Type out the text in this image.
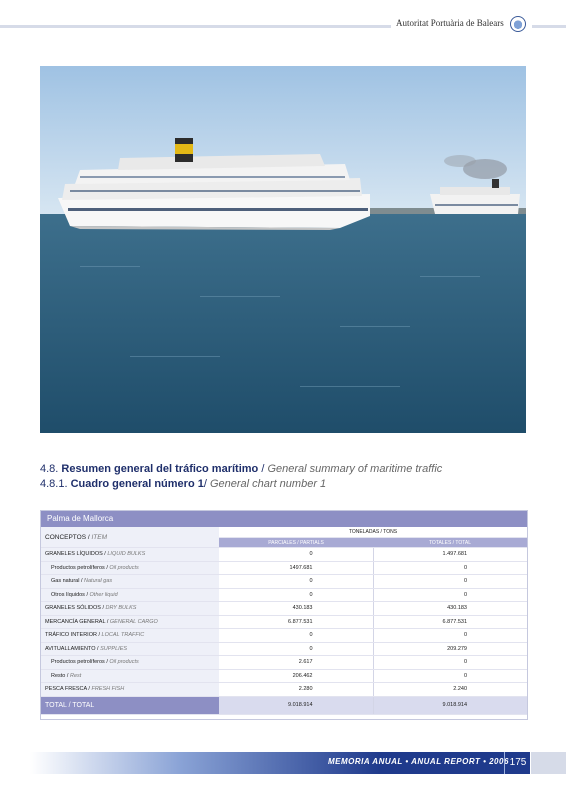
Autoritat Portuària de Balears
4.8. Resumen general del tráfico marítimo / General summary of maritime traffic
4.8.1. Cuadro general número 1/ General chart number 1
Palma de Mallorca
CONCEPTOS / ITEM	TONELADAS / TONS	
	PARCIALES / PARTIALS	TOTALES / TOTAL
GRANELES LÍQUIDOS / LIQUID BULKS	0	1.497.681
Productos petrolíferos / Oil products	1497.681	0
Gas natural / Natural gas	0	0
Otros líquidos / Other liquid	0	0
GRANELES SÓLIDOS / DRY BULKS	430.183	430.183
MERCANCÍA GENERAL / GENERAL CARGO	6.877.531	6.877.531
TRÁFICO INTERIOR / LOCAL TRAFFIC	0	0
AVITUALLAMIENTO / SUPPLIES	0	209.279
Productos petrolíferos / Oil products	2.617	0
Resto / Rest	206.462	0
PESCA FRESCA / FRESH FISH	2.280	2.240
TOTAL / TOTAL	9.018.914	9.018.914
MEMORIA ANUAL • ANUAL REPORT • 2006 175
